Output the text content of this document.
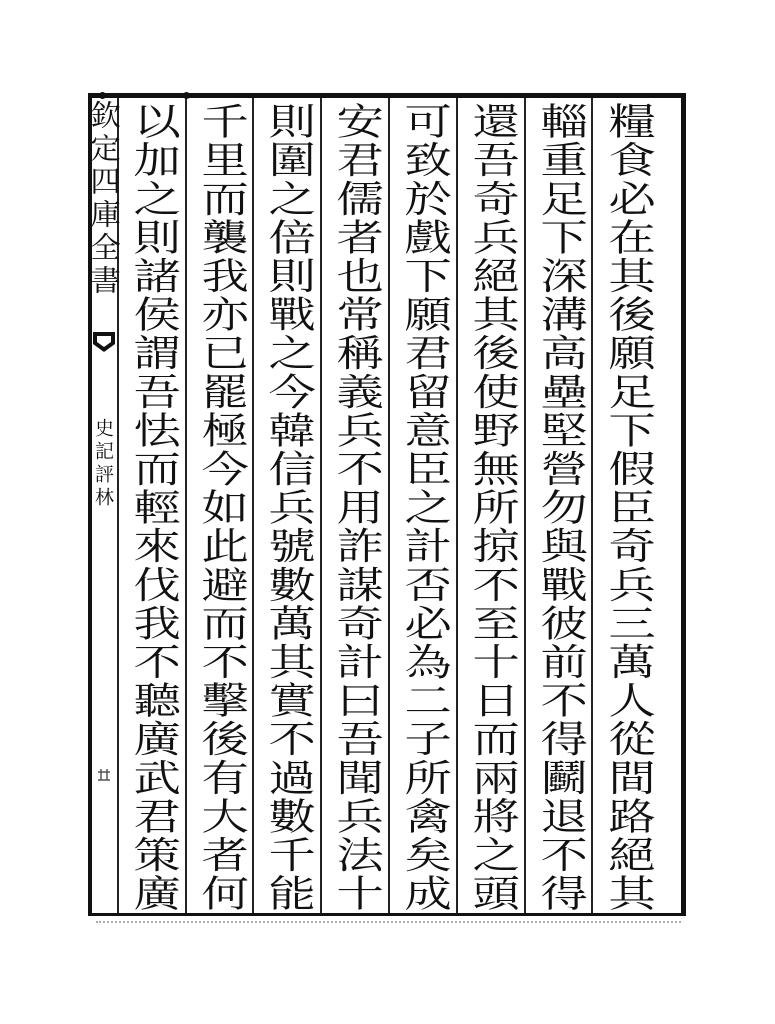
欽定四庫全書
史記評林	糧食必在其後願足下假臣奇兵三萬人從間路絕其
輜重足下深溝高壘堅營勿與戰彼前不得鬬退不得
還吾奇兵絕其後使野無所掠不至十日而兩將之頭
可致於戲下願君留意臣之計否必為二子所禽矣成
安君儒者也常稱義兵不用詐謀奇計曰吾聞兵法十
則圍之倍則戰之今韓信兵號數萬其實不過數千能
千里而襲我亦已罷極今如此避而不擊後有大者何
以加之則諸侯謂吾怯而輕來伐我不聽廣武君策廣
